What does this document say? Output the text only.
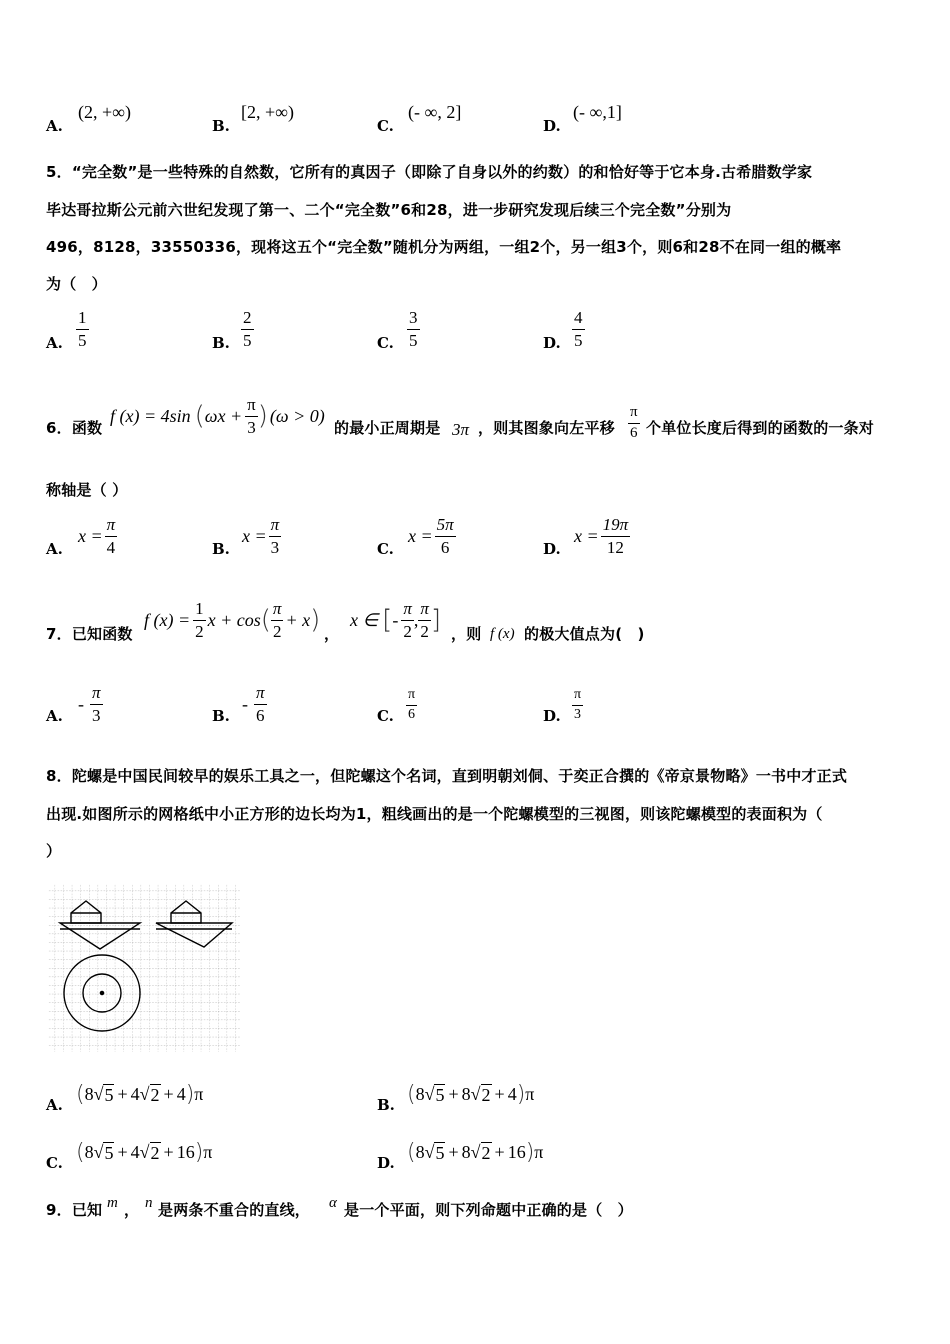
A.
(2, +∞)
B.
[2, +∞)
C.
(- ∞, 2]
D.
(- ∞,1]
5．“完全数”是一些特殊的自然数，它所有的真因子（即除了自身以外的约数）的和恰好等于它本身.古希腊数学家
毕达哥拉斯公元前六世纪发现了第一、二个“完全数”6和28，进一步研究发现后续三个完全数”分别为
496，8128，33550336，现将这五个“完全数”随机分为两组，一组2个，另一组3个，则6和28不在同一组的概率
为（　）
A.
1
5	B.
2
5	C.
3
5	D.
4
5
6．函数
f (x) = 4sin ( $\omega x + \frac{\pi}{3}$ ) (ω > 0)
的最小正周期是 3π ，则其图象向左平移
π
6 个单位长度后得到的函数的一条对
称轴是（ ）
A.
$x = \frac{\pi}{4}$	B.
$x = \frac{\pi}{3}$	C.
$x = \frac{5\pi}{6}$	D.
$x = \frac{19\pi}{12}$
7．已知函数
f $(x) = \frac{1}{2}$ x + cos ( $\frac{\pi}{2} + x$ ) ，
x ∈ [ - $\frac{\pi}{2}$ , $\frac{\pi}{2}$ ] ，则 f (x) 的极大值点为(　)
A.
- $\frac{\pi}{3}$	B.
- $\frac{\pi}{6}$	C. $\frac{\pi}{6}$	D. $\frac{\pi}{3}$
8．陀螺是中国民间较早的娱乐工具之一，但陀螺这个名词，直到明朝刘侗、于奕正合撰的《帝京景物略》一书中才正式
出现.如图所示的网格纸中小正方形的边长均为1，粗线画出的是一个陀螺模型的三视图，则该陀螺模型的表面积为（
）
A. ( 8 √ 5 + 4 √ 2 + 4 ) π
B. ( 8 √ 5 + 8 √ 2 + 4 ) π
C. ( 8 √ 5 + 4 √ 2 + 16 ) π
D. ( 8 √ 5 + 8 √ 2 + 16 ) π
9．已知 m ， n 是两条不重合的直线， α 是一个平面，则下列命题中正确的是（　）
